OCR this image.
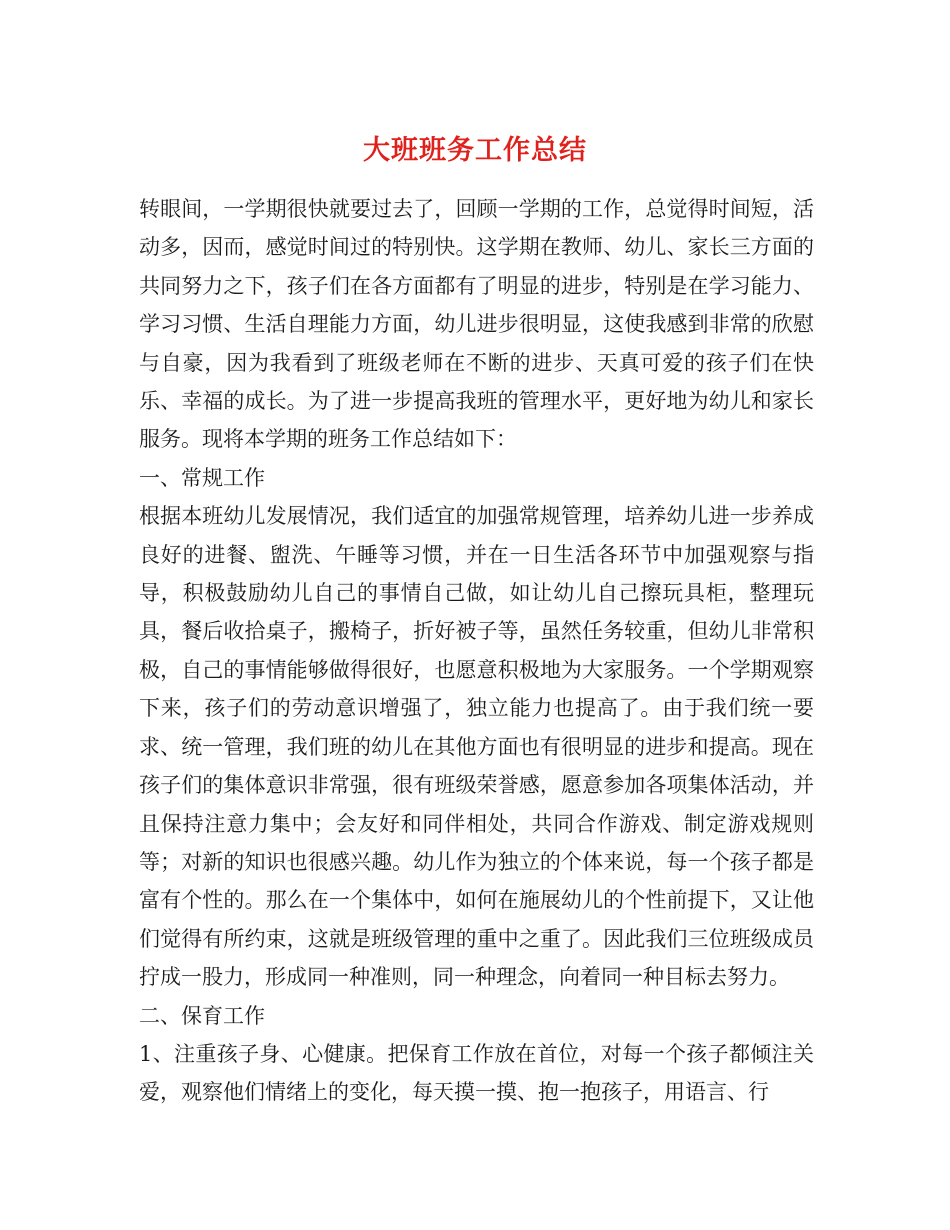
大班班务工作总结

转眼间，一学期很快就要过去了，回顾一学期的工作，总觉得时间短，活动多，因而，感觉时间过的特别快。这学期在教师、幼儿、家长三方面的共同努力之下，孩子们在各方面都有了明显的进步，特别是在学习能力、学习习惯、生活自理能力方面，幼儿进步很明显，这使我感到非常的欣慰与自豪，因为我看到了班级老师在不断的进步、天真可爱的孩子们在快乐、幸福的成长。为了进一步提高我班的管理水平，更好地为幼儿和家长服务。现将本学期的班务工作总结如下：

一、常规工作

根据本班幼儿发展情况，我们适宜的加强常规管理，培养幼儿进一步养成良好的进餐、盥洗、午睡等习惯，并在一日生活各环节中加强观察与指导，积极鼓励幼儿自己的事情自己做，如让幼儿自己擦玩具柜，整理玩具，餐后收拾桌子，搬椅子，折好被子等，虽然任务较重，但幼儿非常积极，自己的事情能够做得很好，也愿意积极地为大家服务。一个学期观察下来，孩子们的劳动意识增强了，独立能力也提高了。由于我们统一要求、统一管理，我们班的幼儿在其他方面也有很明显的进步和提高。现在孩子们的集体意识非常强，很有班级荣誉感，愿意参加各项集体活动，并且保持注意力集中；会友好和同伴相处，共同合作游戏、制定游戏规则等；对新的知识也很感兴趣。幼儿作为独立的个体来说，每一个孩子都是富有个性的。那么在一个集体中，如何在施展幼儿的个性前提下，又让他们觉得有所约束，这就是班级管理的重中之重了。因此我们三位班级成员拧成一股力，形成同一种准则，同一种理念，向着同一种目标去努力。

二、保育工作

1、注重孩子身、心健康。把保育工作放在首位，对每一个孩子都倾注关爱，观察他们情绪上的变化，每天摸一摸、抱一抱孩子，用语言、行
